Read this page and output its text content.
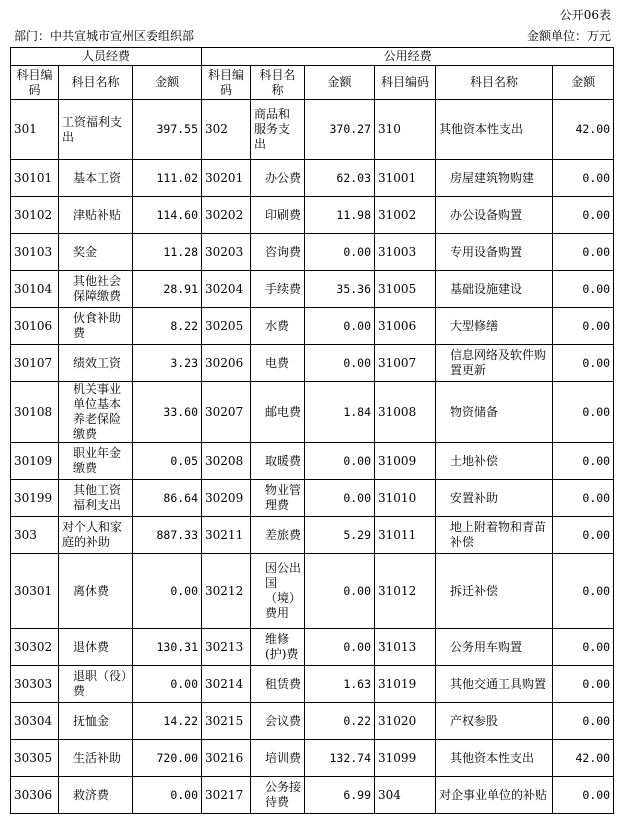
公开06表
部门：中共宣城市宣州区委组织部	金额单位：万元
人员经费			公用经费					
科目编码	科目名称	金额	科目编码	科目名称	金额	科目编码	科目名称	金额
301	工资福利支出	397.55	302	商品和服务支出	370.27	310	其他资本性支出	42.00
30101	基本工资	111.02	30201	办公费	62.03	31001	房屋建筑物购建	0.00
30102	津贴补贴	114.60	30202	印刷费	11.98	31002	办公设备购置	0.00
30103	奖金	11.28	30203	咨询费	0.00	31003	专用设备购置	0.00
30104	其他社会保障缴费	28.91	30204	手续费	35.36	31005	基础设施建设	0.00
30106	伙食补助费	8.22	30205	水费	0.00	31006	大型修缮	0.00
30107	绩效工资	3.23	30206	电费	0.00	31007	信息网络及软件购置更新	0.00
30108	机关事业单位基本养老保险缴费	33.60	30207	邮电费	1.84	31008	物资储备	0.00
30109	职业年金缴费	0.05	30208	取暖费	0.00	31009	土地补偿	0.00
30199	其他工资福利支出	86.64	30209	物业管理费	0.00	31010	安置补助	0.00
303	对个人和家庭的补助	887.33	30211	差旅费	5.29	31011	地上附着物和青苗补偿	0.00
30301	离休费	0.00	30212	因公出国（境）费用	0.00	31012	拆迁补偿	0.00
30302	退休费	130.31	30213	维修(护)费	0.00	31013	公务用车购置	0.00
30303	退职（役）费	0.00	30214	租赁费	1.63	31019	其他交通工具购置	0.00
30304	抚恤金	14.22	30215	会议费	0.22	31020	产权参股	0.00
30305	生活补助	720.00	30216	培训费	132.74	31099	其他资本性支出	42.00
30306	救济费	0.00	30217	公务接待费	6.99	304	对企事业单位的补贴	0.00
